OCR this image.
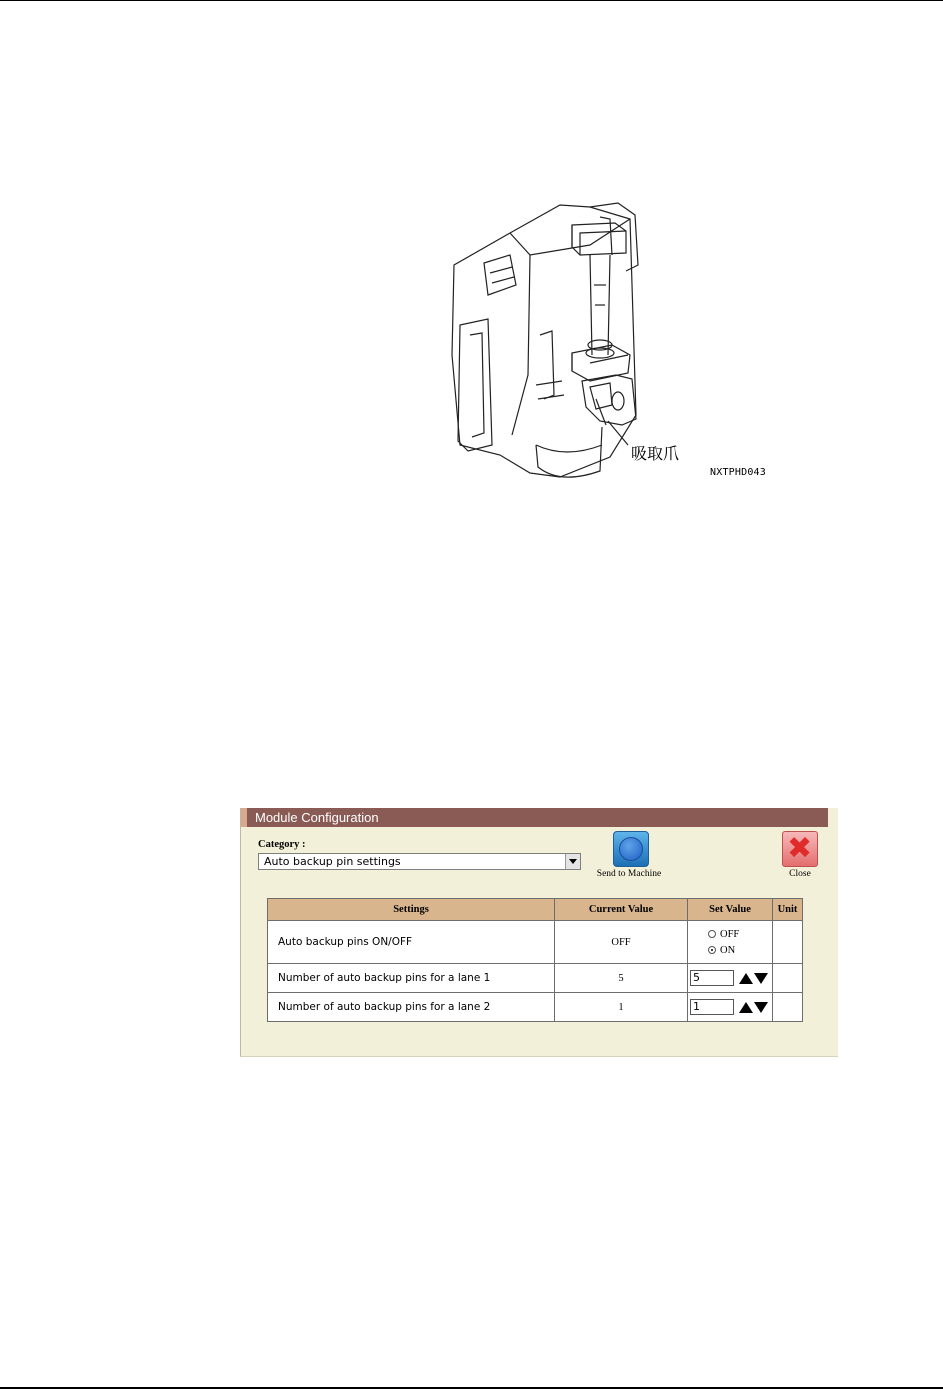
吸取爪
NXTPHD043
Module Configuration
Category :
Auto backup pin settings
Send to Machine
✖
Close
Settings	Current Value	Set Value	Unit
Auto backup pins ON/OFF	OFF	OFF
ON	

Number of auto backup pins for a lane 1	5	5	

Number of auto backup pins for a lane 2	1	1	
